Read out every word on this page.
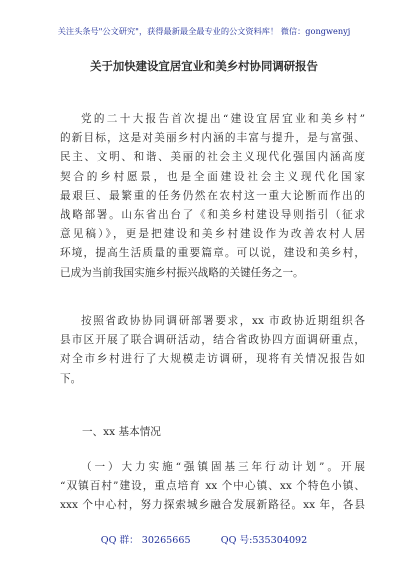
关注头条号"公文研究"，获得最新最全最专业的公文资料库！ 微信：gongwenyj
关于加快建设宜居宜业和美乡村协同调研报告
党的二十大报告首次提出“建设宜居宜业和美乡村”
的新目标，这是对美丽乡村内涵的丰富与提升，是与富强、
民主、文明、和谐、美丽的社会主义现代化强国内涵高度
契合的乡村愿景，也是全面建设社会主义现代化国家
最艰巨、最繁重的任务仍然在农村这一重大论断而作出的
战略部署。山东省出台了《和美乡村建设导则指引（征求
意见稿）》，更是把建设和美乡村建设作为改善农村人居
环境，提高生活质量的重要篇章。可以说，建设和美乡村，
已成为当前我国实施乡村振兴战略的关键任务之一。
按照省政协协同调研部署要求，xx 市政协近期组织各
县市区开展了联合调研活动，结合省政协四方面调研重点，
对全市乡村进行了大规模走访调研，现将有关情况报告如
下。
一、xx 基本情况
（一）大力实施“强镇固基三年行动计划”。开展
“双镇百村”建设，重点培育 xx 个中心镇、xx 个特色小镇、
xxx 个中心村，努力探索城乡融合发展新路径。xx 年，各县
QQ 群： 30265665	QQ 号:535304092
